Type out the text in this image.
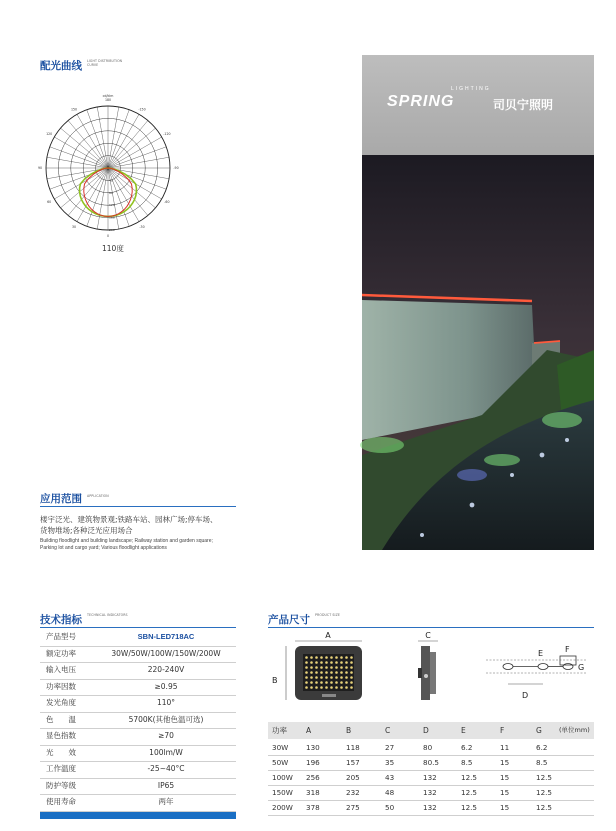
配光曲线 LIGHT DISTRIBUTION CURVE
-150
-120
-90
-60
-30
0
30
60
90
120
150
180
40
80
120
160
200
cd/klm
110度
LIGHTING
SPRING	司贝宁照明
应用范围 APPLICATION
楼宇泛光、建筑物景观;铁路车站、园林广场;停车场、
货物堆场;各种泛光应用场合
Building floodlight and building landscape; Railway station and garden square;
Parking lot and cargo yard; Various floodlight applications
技术指标 TECHNICAL INDICATORS
产品型号	SBN-LED718AC
额定功率	30W/50W/100W/150W/200W
输入电压	220-240V
功率因数	≥0.95
发光角度	110°
色　　温	5700K(其他色温可选)
显色指数	≥70
光　　效	100lm/W
工作温度	-25~40°C
防护等级	IP65
使用寿命	两年
产品尺寸 PRODUCT SIZE
A
B
C
E	F
G
D
功率	A	B	C	D	E	F	G	(单位mm)
30W 130	118	27	80	6.2	11	6.2
50W 196	157	35	80.5	8.5	15	8.5
100W 256	205	43	132	12.5	15	12.5
150W 318	232	48	132	12.5	15	12.5
200W 378	275	50	132	12.5	15	12.5
